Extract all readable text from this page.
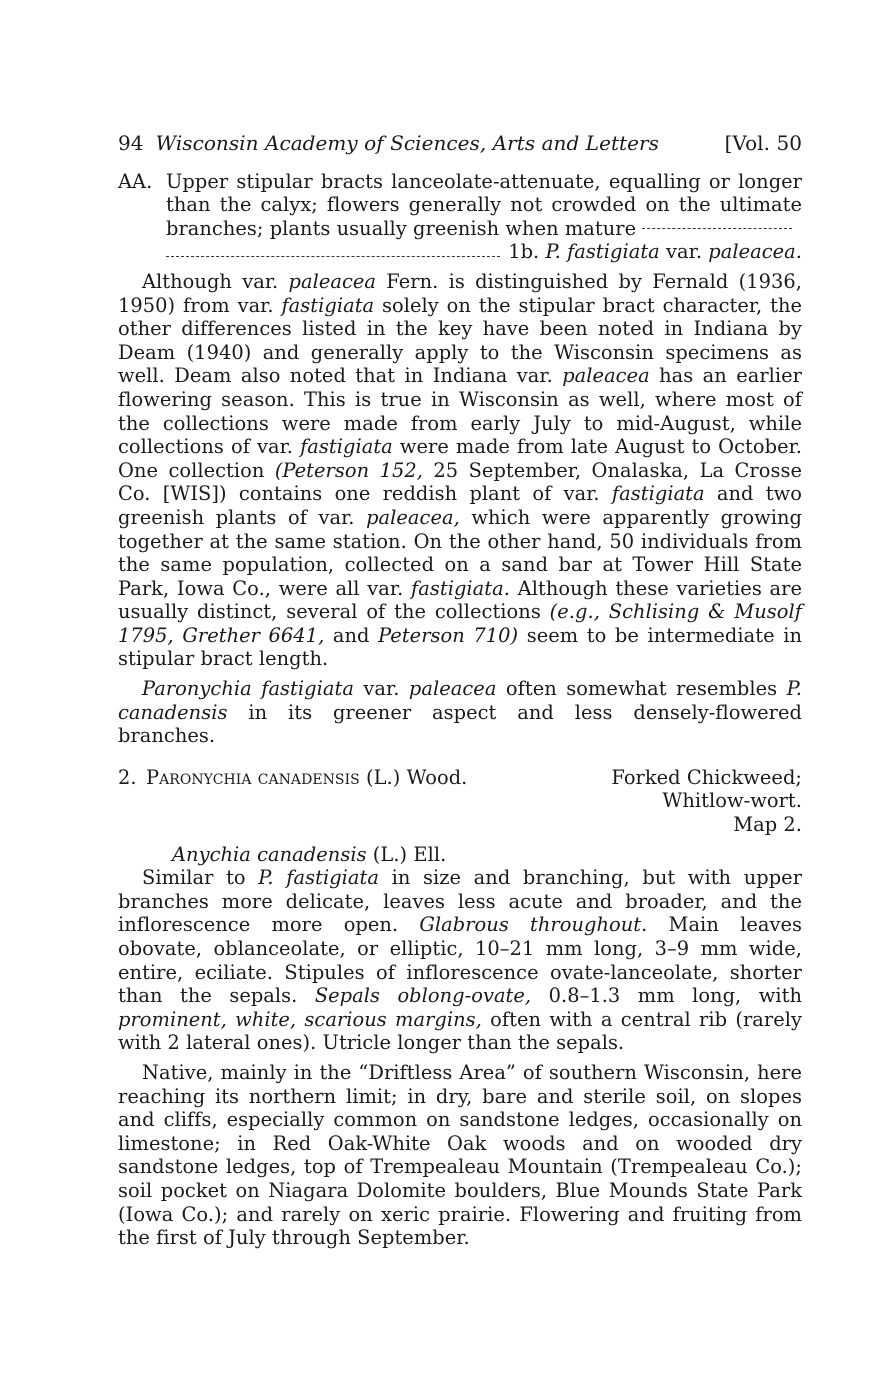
94 Wisconsin Academy of Sciences, Arts and Letters	[Vol. 50
AA. Upper stipular bracts lanceolate-attenuate, equalling or longer than the calyx; flowers generally not crowded on the ultimate branches; plants usually greenish when mature
1b. P. fastigiata var. paleacea.

Although var. paleacea Fern. is distinguished by Fernald (1936, 1950) from var. fastigiata solely on the stipular bract character, the other differences listed in the key have been noted in Indiana by Deam (1940) and generally apply to the Wisconsin specimens as well. Deam also noted that in Indiana var. paleacea has an earlier flowering season. This is true in Wisconsin as well, where most of the collections were made from early July to mid-August, while collections of var. fastigiata were made from late August to October. One collection (Peterson 152, 25 September, Onalaska, La Crosse Co. [WIS]) contains one reddish plant of var. fastigiata and two greenish plants of var. paleacea, which were apparently growing together at the same station. On the other hand, 50 individuals from the same population, collected on a sand bar at Tower Hill State Park, Iowa Co., were all var. fastigiata. Although these varieties are usually distinct, several of the collections (e.g., Schlising & Musolf 1795, Grether 6641, and Peterson 710) seem to be intermediate in stipular bract length.

Paronychia fastigiata var. paleacea often somewhat resembles P. canadensis in its greener aspect and less densely-flowered branches.

2. Paronychia canadensis (L.) Wood.	Forked Chickweed; Whitlow-wort.
Map 2.
Anychia canadensis (L.) Ell.

Similar to P. fastigiata in size and branching, but with upper branches more delicate, leaves less acute and broader, and the inflorescence more open. Glabrous throughout. Main leaves obovate, oblanceolate, or elliptic, 10–21 mm long, 3–9 mm wide, entire, eciliate. Stipules of inflorescence ovate-lanceolate, shorter than the sepals. Sepals oblong-ovate, 0.8–1.3 mm long, with prominent, white, scarious margins, often with a central rib (rarely with 2 lateral ones). Utricle longer than the sepals.

Native, mainly in the “Driftless Area” of southern Wisconsin, here reaching its northern limit; in dry, bare and sterile soil, on slopes and cliffs, especially common on sandstone ledges, occasionally on limestone; in Red Oak-White Oak woods and on wooded dry sandstone ledges, top of Trempealeau Mountain (Trempealeau Co.); soil pocket on Niagara Dolomite boulders, Blue Mounds State Park (Iowa Co.); and rarely on xeric prairie. Flowering and fruiting from the first of July through September.
